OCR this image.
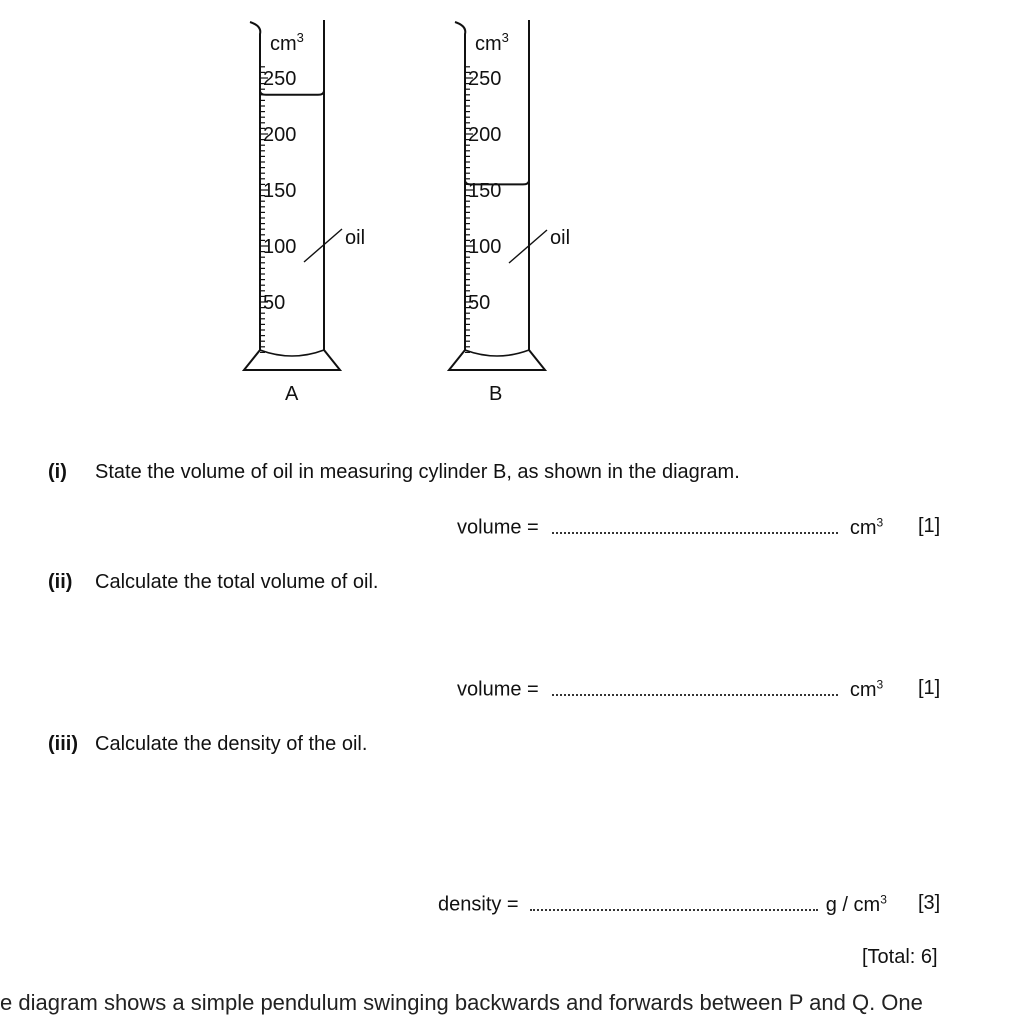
250
200
150
100
50
$cm^3$
oil
A
250
200
150
100
50
$cm^3$
oil
B
(i) State the volume of oil in measuring cylinder B, as shown in the diagram.
volume =	$cm^3$ [1]
(ii) Calculate the total volume of oil.
volume =	$cm^3$ [1]
(iii) Calculate the density of the oil.
density =	g / $cm^3$ [3]
[Total: 6]
e diagram shows a simple pendulum swinging backwards and forwards between P and Q. One
